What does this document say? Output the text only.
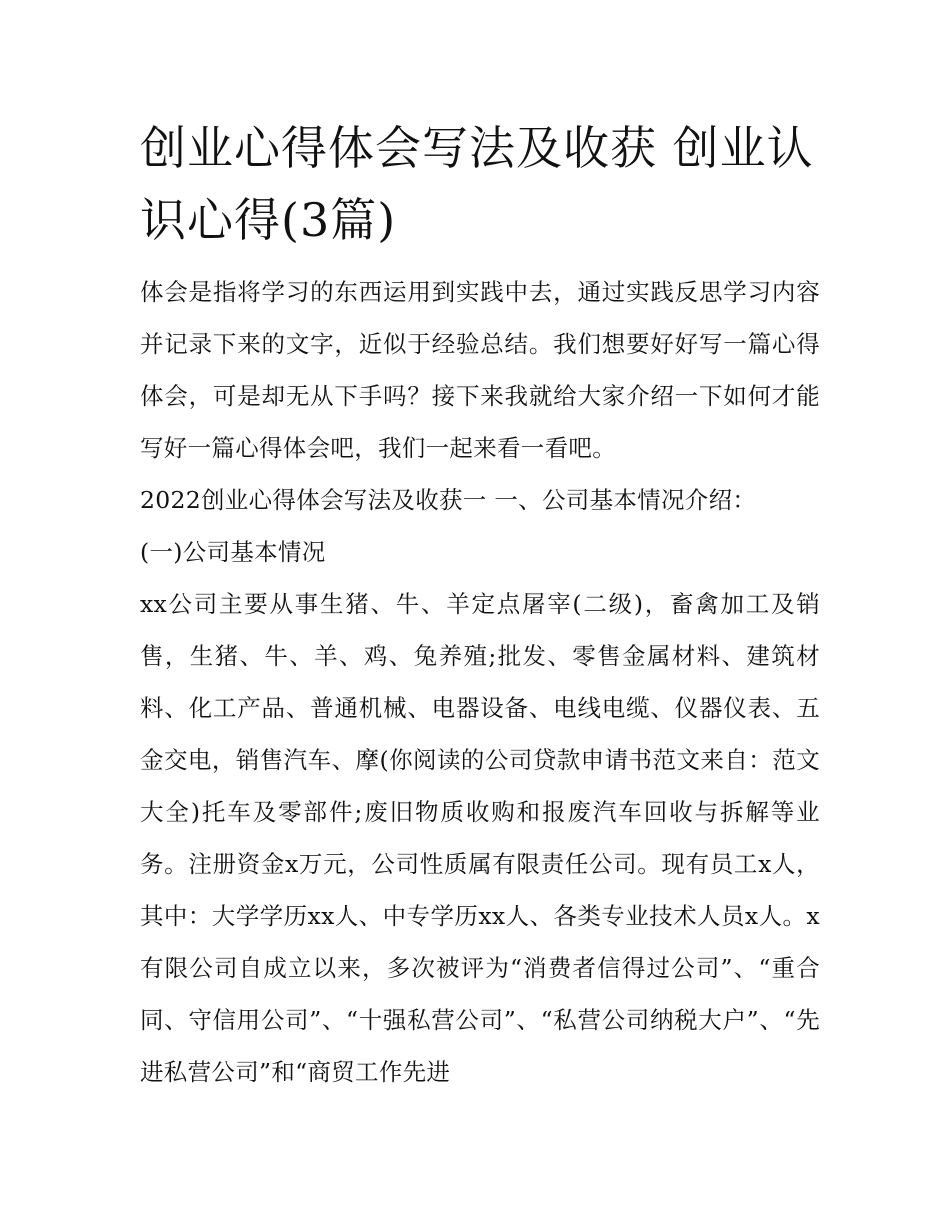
创业心得体会写法及收获 创业认识心得(3篇)

体会是指将学习的东西运用到实践中去，通过实践反思学习内容并记录下来的文字，近似于经验总结。我们想要好好写一篇心得体会，可是却无从下手吗？接下来我就给大家介绍一下如何才能写好一篇心得体会吧，我们一起来看一看吧。

2022创业心得体会写法及收获一 一、公司基本情况介绍：

(一)公司基本情况

xx公司主要从事生猪、牛、羊定点屠宰(二级)，畜禽加工及销售，生猪、牛、羊、鸡、兔养殖;批发、零售金属材料、建筑材料、化工产品、普通机械、电器设备、电线电缆、仪器仪表、五金交电，销售汽车、摩(你阅读的公司贷款申请书范文来自：范文大全)托车及零部件;废旧物质收购和报废汽车回收与拆解等业务。注册资金x万元，公司性质属有限责任公司。现有员工x人，其中：大学学历xx人、中专学历xx人、各类专业技术人员x人。x有限公司自成立以来，多次被评为“消费者信得过公司”、“重合同、守信用公司”、“十强私营公司”、“私营公司纳税大户”、“先进私营公司”和“商贸工作先进
